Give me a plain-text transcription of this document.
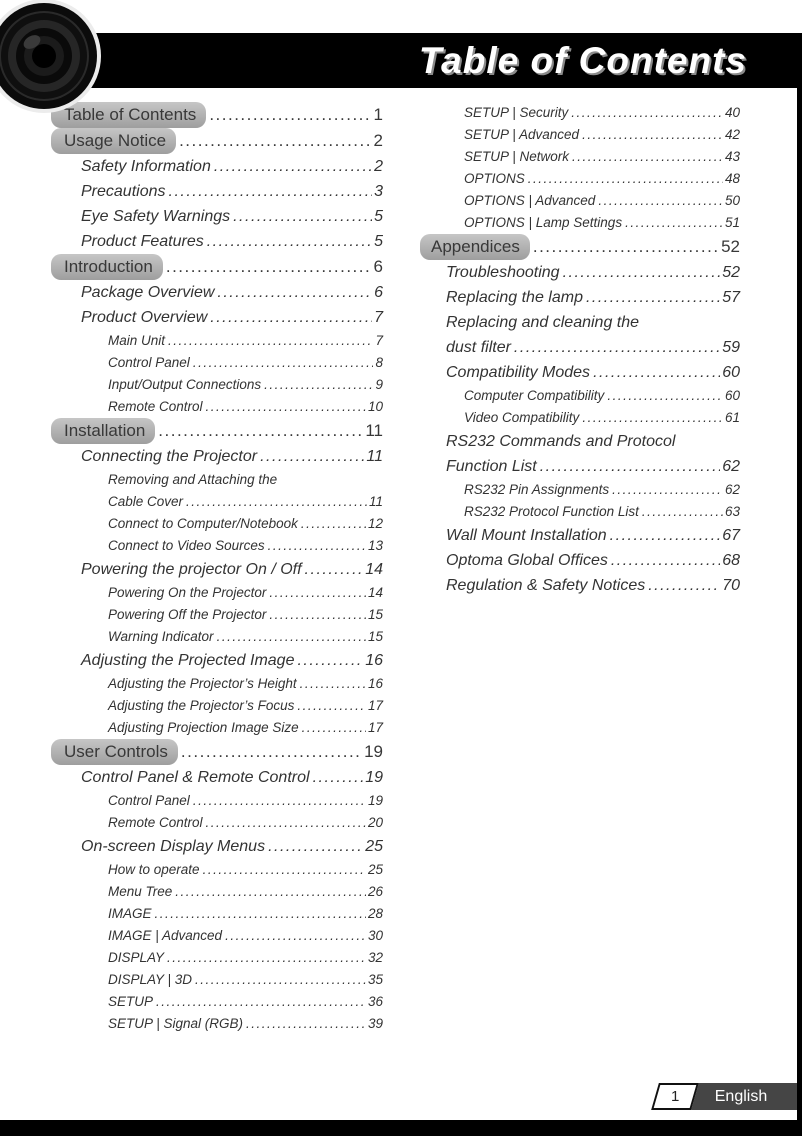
Table of Contents
Table of Contents .....	1
Usage Notice .....	2
Safety Information .....	2
Precautions .....	3
Eye Safety Warnings .....	5
Product Features .....	5
Introduction .....	6
Package Overview .....	6
Product Overview .....	7
Main Unit .....	7
Control Panel .....	8
Input/Output Connections .....	9
Remote Control .....	10
Installation .....	11
Connecting the Projector .....	11
Removing and Attaching the
Cable Cover .....	11
Connect to Computer/Notebook .....	12
Connect to Video Sources .....	13
Powering the projector On / Off .....	14
Powering On the Projector .....	14
Powering Off the Projector .....	15
Warning Indicator .....	15
Adjusting the Projected Image .....	16
Adjusting the Projector’s Height .....	16
Adjusting the Projector’s Focus .....	17
Adjusting Projection Image Size .....	17
User Controls .....	19
Control Panel & Remote Control .....	19
Control Panel .....	19
Remote Control .....	20
On-screen Display Menus .....	25
How to operate .....	25
Menu Tree .....	26
IMAGE .....	28
IMAGE | Advanced .....	30
DISPLAY .....	32
DISPLAY | 3D .....	35
SETUP .....	36
SETUP | Signal (RGB) .....	39
SETUP | Security .....	40
SETUP | Advanced .....	42
SETUP | Network .....	43
OPTIONS .....	48
OPTIONS | Advanced .....	50
OPTIONS | Lamp Settings .....	51
Appendices .....	52
Troubleshooting .....	52
Replacing the lamp .....	57
Replacing and cleaning the
dust filter .....	59
Compatibility Modes .....	60
Computer Compatibility .....	60
Video Compatibility .....	61
RS232 Commands and Protocol
Function List .....	62
RS232 Pin Assignments .....	62
RS232 Protocol Function List .....	63
Wall Mount Installation .....	67
Optoma Global Offices .....	68
Regulation & Safety Notices .....	70
1	English
